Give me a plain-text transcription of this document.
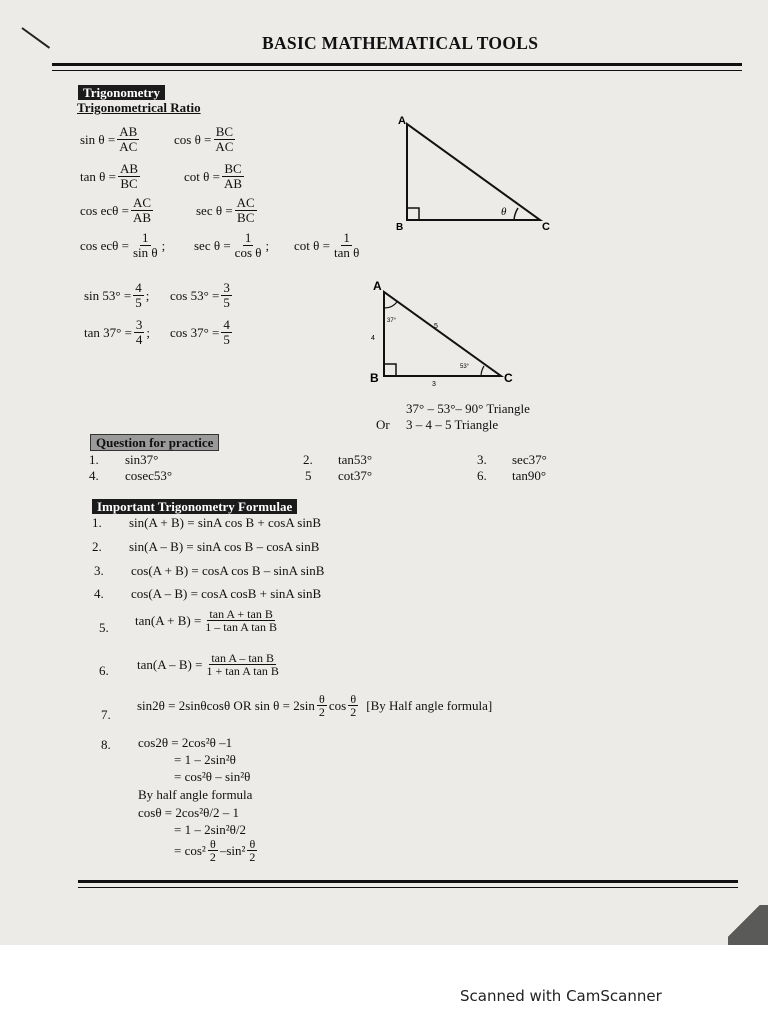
BASIC MATHEMATICAL TOOLS
Trigonometry
Trigonometrical Ratio
$\sin \theta = \frac{AB}{AC}$	$\cos \theta = \frac{BC}{AC}$
$\tan \theta = \frac{AB}{BC}$	$\cot \theta = \frac{BC}{AB}$
$\cos ec\theta = \frac{AC}{AB}$	$\sec \theta = \frac{AC}{BC}$
$\cos ec\theta = \frac{1}{\text{sin θ}}$ ; $\sec \theta = \frac{1}{\text{cos θ}}$ ; $\cot \theta = \frac{1}{\text{tan θ}}$
$\sin 53^\circ = \frac{4}{5}$ ; $\cos 53^\circ = \frac{3}{5}$
$\tan 37^\circ = \frac{3}{4}$ ; $\cos 37^\circ = \frac{4}{5}$
A
B	C
θ
A
B	C
37°
53°
4
5
3
37° – 53°– 90° Triangle
Or 3 – 4 – 5 Triangle
Question for practice
1. sin37°	2. tan53°	3. sec37°
4. cosec53°	5 cot37°	6. tan90°
Important Trigonometry Formulae
1. sin(A + B) = sinA cos B + cosA sinB
2. sin(A – B) = sinA cos B – cosA sinB
3. cos(A + B) = cosA cos B – sinA sinB
4. cos(A – B) = cosA cosB + sinA sinB
5. $\tan(A + B) = \frac{\text{tan A + tan B}}{\text{1 – tan A tan B}}$
6. $\tan(A - B) = \frac{\text{tan A – tan B}}{\text{1 + tan A tan B}}$
7.
sin2θ = 2sinθcosθ OR $\sin \theta = 2\sin \frac{\theta}{2}$ $\cos \frac{\theta}{2} [By$ Half angle formula]
8. cos2θ = 2cos²θ –1
= 1 – 2sin²θ
= cos²θ – sin²θ
By half angle formula
cosθ = 2cos²θ/2 – 1
= 1 – 2sin²θ/2
= $\cos^2 \frac{\theta}{2} -\sin^2 \frac{\theta}{2}$
Scanned with CamScanner
